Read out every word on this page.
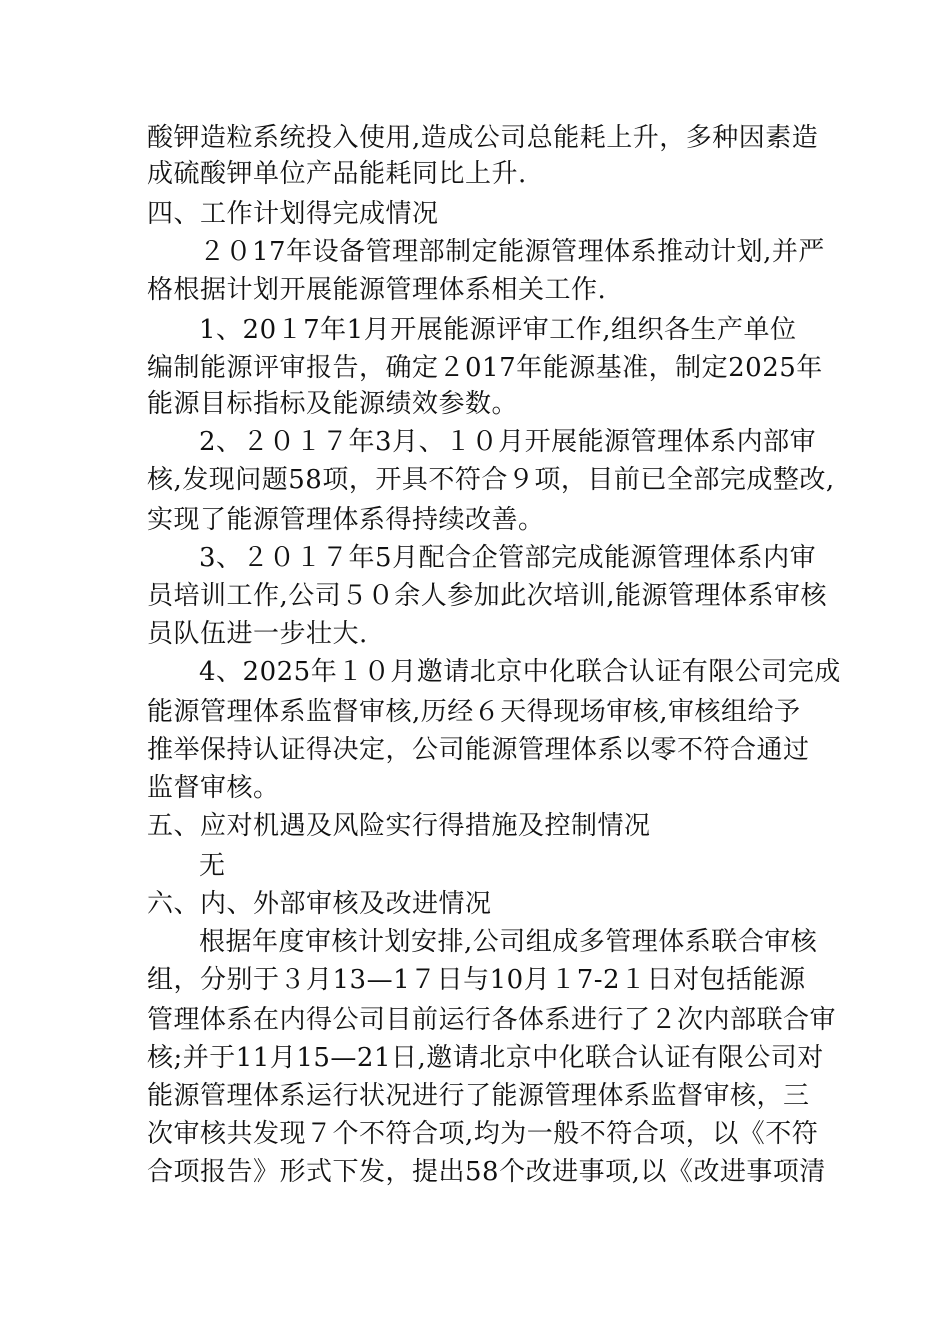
酸钾造粒系统投入使用,造成公司总能耗上升，多种因素造
成硫酸钾单位产品能耗同比上升.
四、工作计划得完成情况
２０17年设备管理部制定能源管理体系推动计划,并严
格根据计划开展能源管理体系相关工作.
1、20１7年1月开展能源评审工作,组织各生产单位
编制能源评审报告，确定２017年能源基准，制定2025年
能源目标指标及能源绩效参数。
2、２０１７年3月、１０月开展能源管理体系内部审
核,发现问题58项，开具不符合９项，目前已全部完成整改,
实现了能源管理体系得持续改善。
3、２０１７年5月配合企管部完成能源管理体系内审
员培训工作,公司５０余人参加此次培训,能源管理体系审核
员队伍进一步壮大.
4、2025年１０月邀请北京中化联合认证有限公司完成
能源管理体系监督审核,历经６天得现场审核,审核组给予
推举保持认证得决定，公司能源管理体系以零不符合通过
监督审核。
五、应对机遇及风险实行得措施及控制情况
无
六、内、外部审核及改进情况
根据年度审核计划安排,公司组成多管理体系联合审核
组，分别于３月13—1７日与10月１7-2１日对包括能源
管理体系在内得公司目前运行各体系进行了２次内部联合审
核;并于11月15—21日,邀请北京中化联合认证有限公司对
能源管理体系运行状况进行了能源管理体系监督审核，三
次审核共发现７个不符合项,均为一般不符合项，以《不符
合项报告》形式下发，提出58个改进事项,以《改进事项清
